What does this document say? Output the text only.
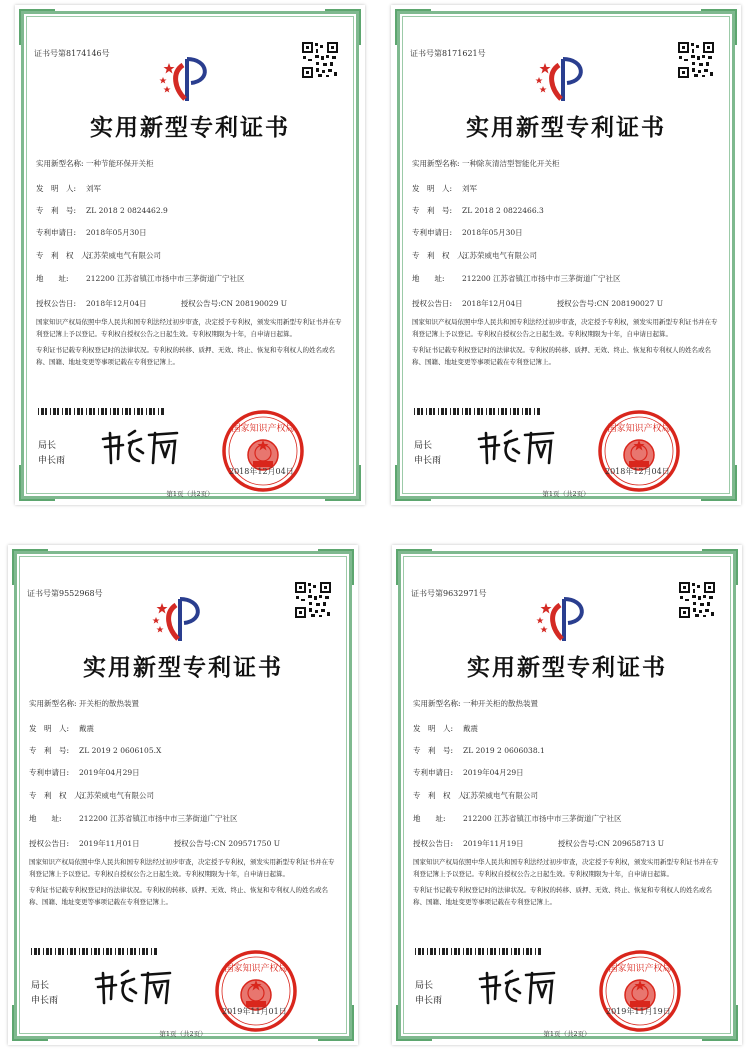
证书号第8174146号
实用新型专利证书
实用新型名称: 一种节能环保开关柜
发　明　人: 刘军
专　利　号: ZL 2018 2 0824462.9
专利申请日: 2018年05月30日
专　利　权　人:江苏荣威电气有限公司
地　　址: 212200 江苏省镇江市扬中市三茅街道广宁社区
授权公告日: 2018年12月04日	授权公告号:CN 208190029 U
国家知识产权局依照中华人民共和国专利法经过初步审查，决定授予专利权，颁发实用新型专利证书并在专利登记簿上予以登记。专利权自授权公告之日起生效。专利权期限为十年，自申请日起算。
专利证书记载专利权登记时的法律状况。专利权的转移、质押、无效、终止、恢复和专利权人的姓名或名称、国籍、地址变更等事项记载在专利登记簿上。
局长
申长雨
国家知识产权局
2018年12月04日
第1页（共2页）
证书号第8171621号
实用新型专利证书
实用新型名称: 一种除灰清洁型智能化开关柜
发　明　人: 刘军
专　利　号: ZL 2018 2 0822466.3
专利申请日: 2018年05月30日
专　利　权　人:江苏荣威电气有限公司
地　　址: 212200 江苏省镇江市扬中市三茅街道广宁社区
授权公告日: 2018年12月04日	授权公告号:CN 208190027 U
国家知识产权局依照中华人民共和国专利法经过初步审查，决定授予专利权，颁发实用新型专利证书并在专利登记簿上予以登记。专利权自授权公告之日起生效。专利权期限为十年，自申请日起算。
专利证书记载专利权登记时的法律状况。专利权的转移、质押、无效、终止、恢复和专利权人的姓名或名称、国籍、地址变更等事项记载在专利登记簿上。
局长
申长雨
国家知识产权局
2018年12月04日
第1页（共2页）
证书号第9552968号
实用新型专利证书
实用新型名称: 开关柜的散热装置
发　明　人: 戴震
专　利　号: ZL 2019 2 0606105.X
专利申请日: 2019年04月29日
专　利　权　人:江苏荣威电气有限公司
地　　址: 212200 江苏省镇江市扬中市三茅街道广宁社区
授权公告日: 2019年11月01日	授权公告号:CN 209571750 U
国家知识产权局依照中华人民共和国专利法经过初步审查，决定授予专利权，颁发实用新型专利证书并在专利登记簿上予以登记。专利权自授权公告之日起生效。专利权期限为十年，自申请日起算。
专利证书记载专利权登记时的法律状况。专利权的转移、质押、无效、终止、恢复和专利权人的姓名或名称、国籍、地址变更等事项记载在专利登记簿上。
局长
申长雨
国家知识产权局
2019年11月01日
第1页（共2页）
证书号第9632971号
实用新型专利证书
实用新型名称: 一种开关柜的散热装置
发　明　人: 戴震
专　利　号: ZL 2019 2 0606038.1
专利申请日: 2019年04月29日
专　利　权　人:江苏荣威电气有限公司
地　　址: 212200 江苏省镇江市扬中市三茅街道广宁社区
授权公告日: 2019年11月19日	授权公告号:CN 209658713 U
国家知识产权局依照中华人民共和国专利法经过初步审查，决定授予专利权，颁发实用新型专利证书并在专利登记簿上予以登记。专利权自授权公告之日起生效。专利权期限为十年，自申请日起算。
专利证书记载专利权登记时的法律状况。专利权的转移、质押、无效、终止、恢复和专利权人的姓名或名称、国籍、地址变更等事项记载在专利登记簿上。
局长
申长雨
国家知识产权局
2019年11月19日
第1页（共2页）
